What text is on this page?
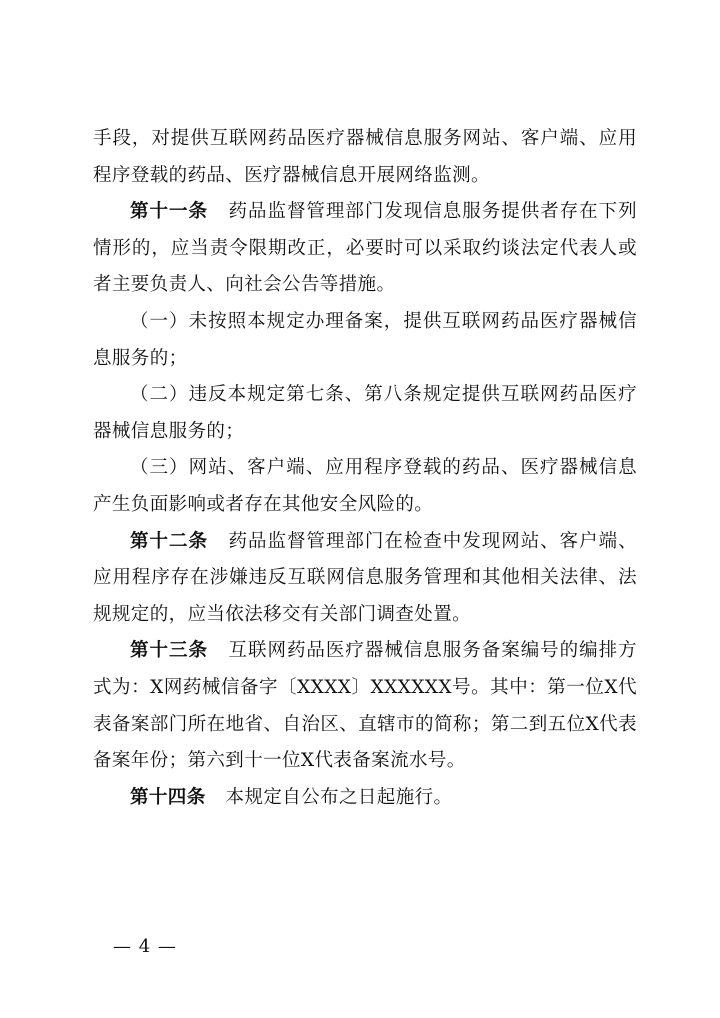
手段，对提供互联网药品医疗器械信息服务网站、客户端、应用程序登载的药品、医疗器械信息开展网络监测。

第十一条 药品监督管理部门发现信息服务提供者存在下列情形的，应当责令限期改正，必要时可以采取约谈法定代表人或者主要负责人、向社会公告等措施。

（一）未按照本规定办理备案，提供互联网药品医疗器械信息服务的；

（二）违反本规定第七条、第八条规定提供互联网药品医疗器械信息服务的；

（三）网站、客户端、应用程序登载的药品、医疗器械信息产生负面影响或者存在其他安全风险的。

第十二条 药品监督管理部门在检查中发现网站、客户端、应用程序存在涉嫌违反互联网信息服务管理和其他相关法律、法规规定的，应当依法移交有关部门调查处置。

第十三条 互联网药品医疗器械信息服务备案编号的编排方式为：X网药械信备字〔XXXX〕XXXXXX号。其中：第一位X代表备案部门所在地省、自治区、直辖市的简称；第二到五位X代表备案年份；第六到十一位X代表备案流水号。

第十四条 本规定自公布之日起施行。

— 4 —
